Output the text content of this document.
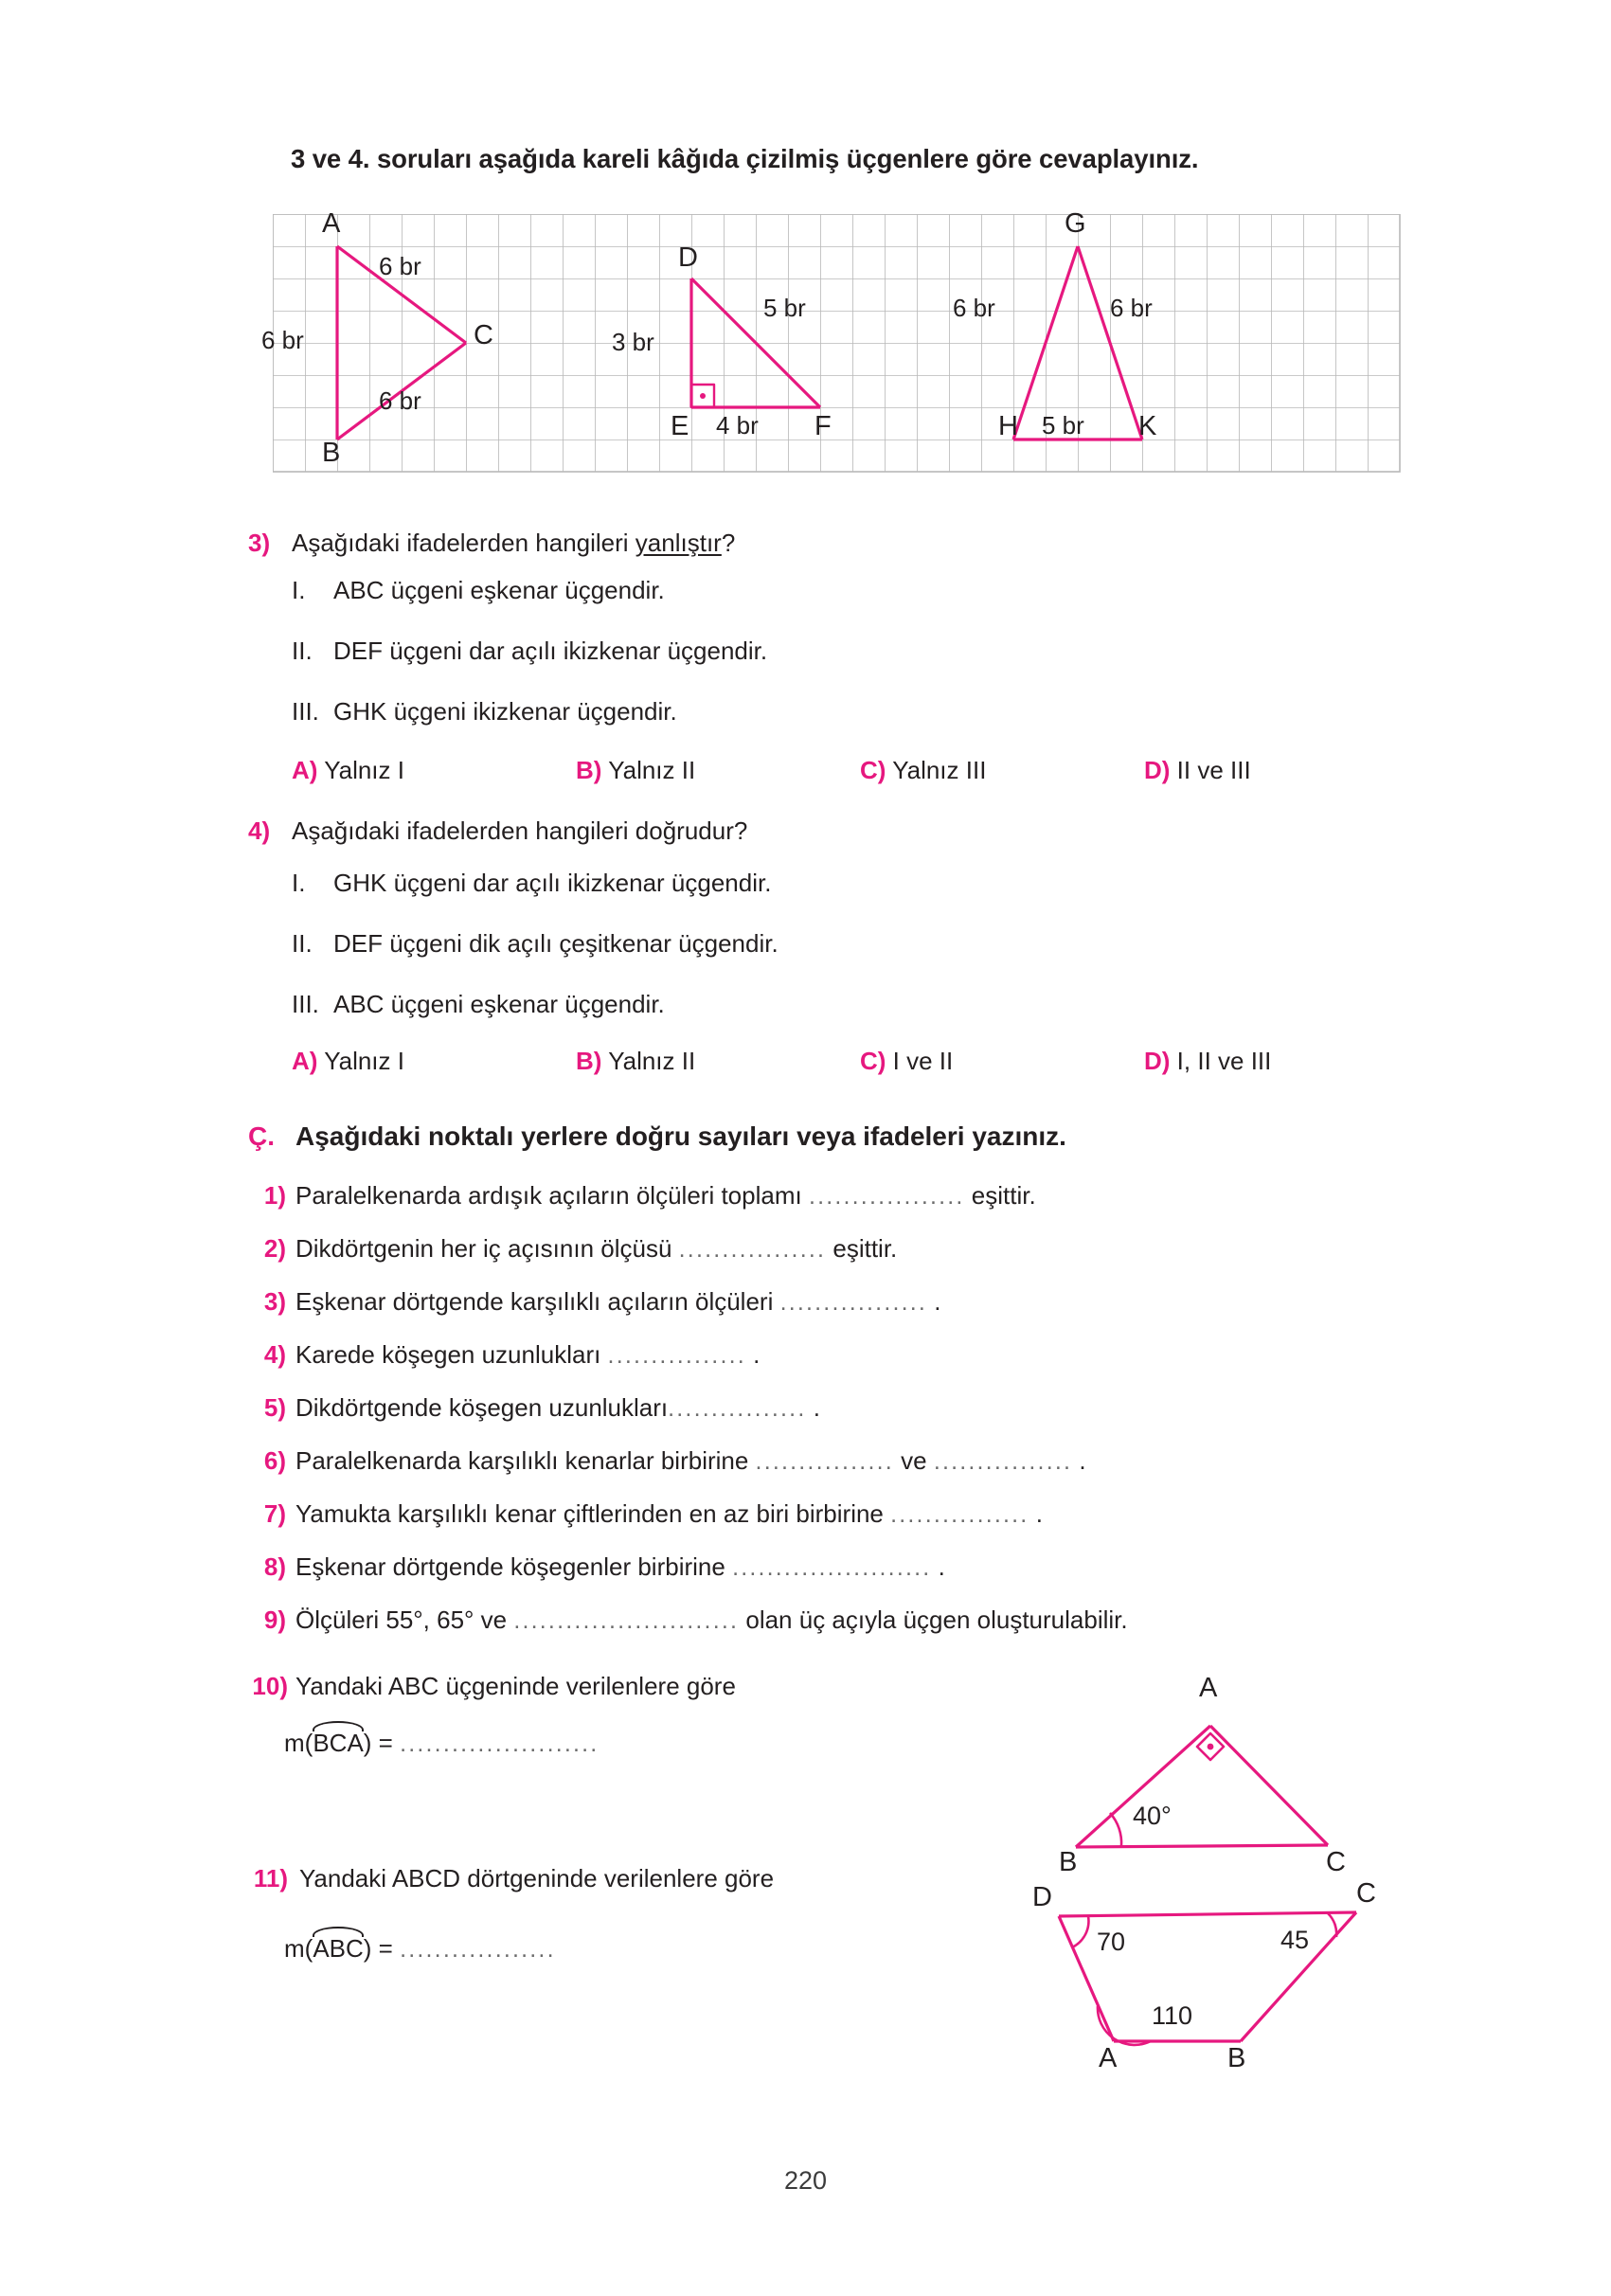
3 ve 4. soruları aşağıda kareli kâğıda çizilmiş üçgenlere göre cevaplayınız.
A
B
C
6 br
6 br
6 br
D
E	F
3 br
5 br
4 br
G
H	K
6 br	6 br
5 br
3) Aşağıdaki ifadelerden hangileri yanlıştır?
I. ABC üçgeni eşkenar üçgendir.
II. DEF üçgeni dar açılı ikizkenar üçgendir.
III. GHK üçgeni ikizkenar üçgendir.
A) Yalnız I	B) Yalnız II	C) Yalnız III	D) II ve III
4) Aşağıdaki ifadelerden hangileri doğrudur?
I. GHK üçgeni dar açılı ikizkenar üçgendir.
II. DEF üçgeni dik açılı çeşitkenar üçgendir.
III. ABC üçgeni eşkenar üçgendir.
A) Yalnız I	B) Yalnız II	C) I ve II	D) I, II ve III
Ç. Aşağıdaki noktalı yerlere doğru sayıları veya ifadeleri yazınız.
1) Paralelkenarda ardışık açıların ölçüleri toplamı .................. eşittir.
2) Dikdörtgenin her iç açısının ölçüsü ................. eşittir.
3) Eşkenar dörtgende karşılıklı açıların ölçüleri ................. .
4) Karede köşegen uzunlukları ................ .
5) Dikdörtgende köşegen uzunlukları................ .
6) Paralelkenarda karşılıklı kenarlar birbirine ................ ve ................ .
7) Yamukta karşılıklı kenar çiftlerinden en az biri birbirine ................ .
8) Eşkenar dörtgende köşegenler birbirine ....................... .
9) Ölçüleri 55°, 65° ve .......................... olan üç açıyla üçgen oluşturulabilir.
10) Yandaki ABC üçgeninde verilenlere göre
m(
BCA) = .......................
A
B	C
40°
11) Yandaki ABCD dörtgeninde verilenlere göre
m(
ABC) = ..................
D	C
A	B
70	45
110
220
